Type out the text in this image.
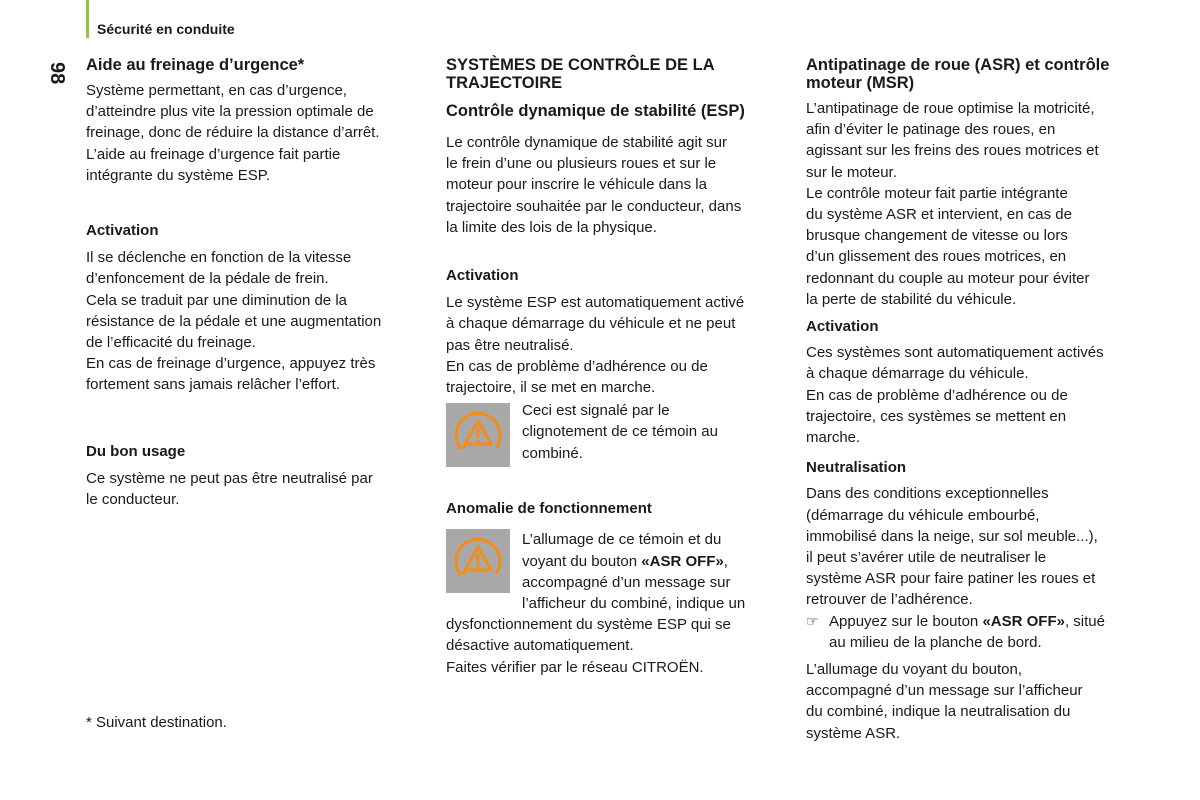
Sécurité en conduite
98 Aide au freinage d’urgence*

Système permettant, en cas d’urgence,
d’atteindre plus vite la pression optimale de
freinage, donc de réduire la distance d’arrêt.
L’aide au freinage d’urgence fait partie
intégrante du système ESP.

Activation

Il se déclenche en fonction de la vitesse
d’enfoncement de la pédale de frein.
Cela se traduit par une diminution de la
résistance de la pédale et une augmentation
de l’efficacité du freinage.
En cas de freinage d’urgence, appuyez très
fortement sans jamais relâcher l’effort.

Du bon usage

Ce système ne peut pas être neutralisé par
le conducteur.
* Suivant destination.

SYSTÈMES DE CONTRÔLE DE LA

TRAJECTOIRE

Contrôle dynamique de stabilité (ESP)

Le contrôle dynamique de stabilité agit sur
le frein d’une ou plusieurs roues et sur le
moteur pour inscrire le véhicule dans la
trajectoire souhaitée par le conducteur, dans
la limite des lois de la physique.

Activation

Le système ESP est automatiquement activé
à chaque démarrage du véhicule et ne peut
pas être neutralisé.
En cas de problème d’adhérence ou de
trajectoire, il se met en marche.
Ceci est signalé par le
clignotement de ce témoin au
combiné.

Anomalie de fonctionnement

L’allumage de ce témoin et du
voyant du bouton «ASR OFF»,
accompagné d’un message sur
l’afficheur du combiné, indique un
dysfonctionnement du système ESP qui se
désactive automatiquement.
Faites vérifier par le réseau CITROËN.

Antipatinage de roue (ASR) et contrôle

moteur (MSR)

L’antipatinage de roue optimise la motricité,
afin d’éviter le patinage des roues, en
agissant sur les freins des roues motrices et
sur le moteur.
Le contrôle moteur fait partie intégrante
du système ASR et intervient, en cas de
brusque changement de vitesse ou lors
d’un glissement des roues motrices, en
redonnant du couple au moteur pour éviter
la perte de stabilité du véhicule.

Activation

Ces systèmes sont automatiquement activés
à chaque démarrage du véhicule.
En cas de problème d’adhérence ou de
trajectoire, ces systèmes se mettent en
marche.

Neutralisation

Dans des conditions exceptionnelles
(démarrage du véhicule embourbé,
immobilisé dans la neige, sur sol meuble...),
il peut s’avérer utile de neutraliser le
système ASR pour faire patiner les roues et
retrouver de l’adhérence.
☞ Appuyez sur le bouton «ASR OFF», situé
au milieu de la planche de bord.
L’allumage du voyant du bouton,
accompagné d’un message sur l’afficheur
du combiné, indique la neutralisation du
système ASR.
